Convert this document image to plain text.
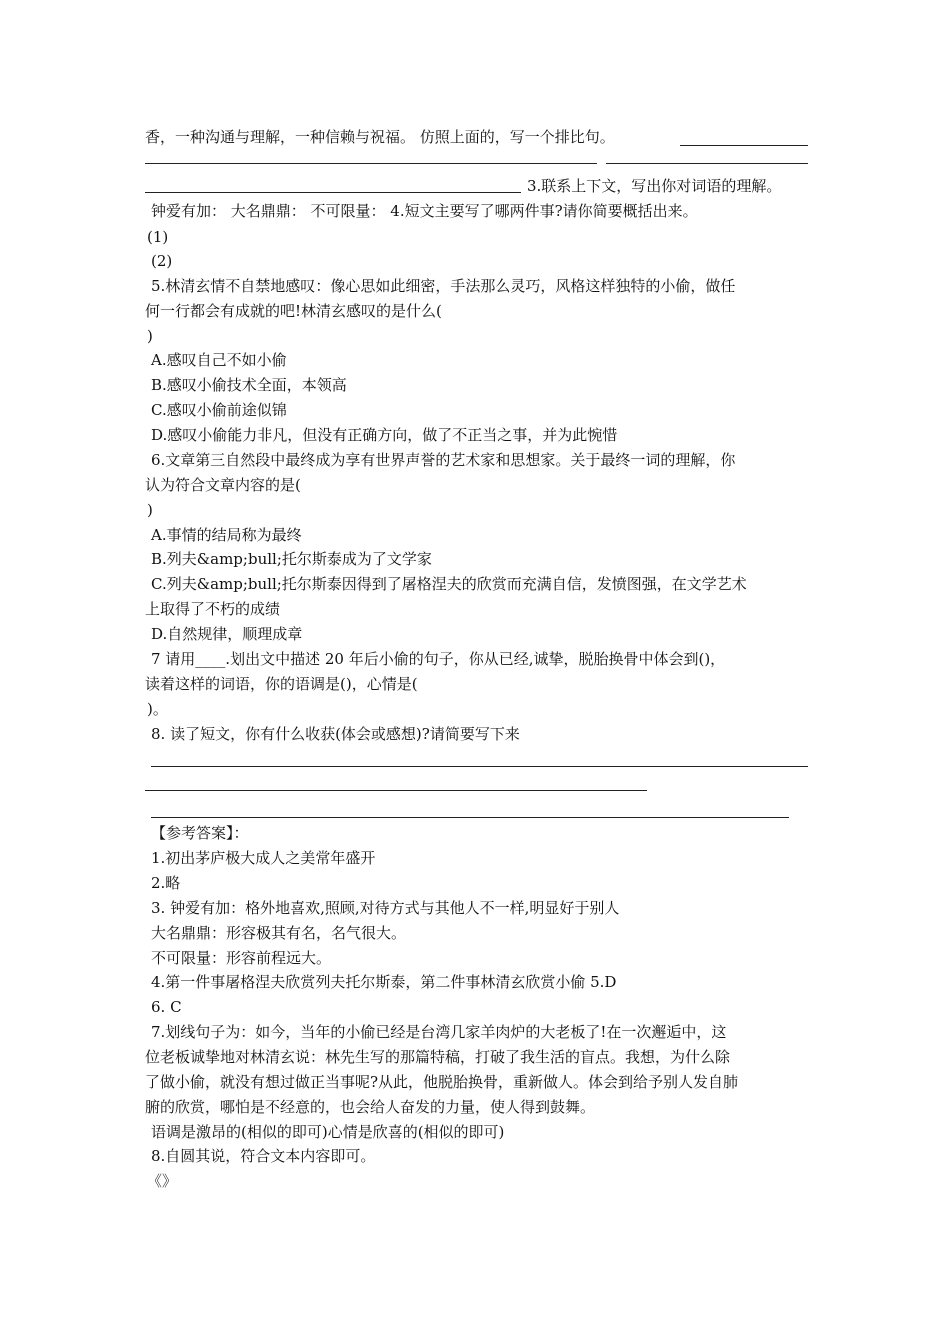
香，一种沟通与理解，一种信赖与祝福。 仿照上面的，写一个排比句。
3.联系上下文，写出你对词语的理解。
钟爱有加： 大名鼎鼎： 不可限量： 4.短文主要写了哪两件事?请你简要概括出来。
(1)
(2)
5.林清玄情不自禁地感叹：像心思如此细密，手法那么灵巧，风格这样独特的小偷，做任
何一行都会有成就的吧!林清玄感叹的是什么(
)
A.感叹自己不如小偷
B.感叹小偷技术全面，本领高
C.感叹小偷前途似锦
D.感叹小偷能力非凡，但没有正确方向，做了不正当之事，并为此惋惜
6.文章第三自然段中最终成为享有世界声誉的艺术家和思想家。关于最终一词的理解，你
认为符合文章内容的是(
)
A.事情的结局称为最终
B.列夫&amp;bull;托尔斯泰成为了文学家
C.列夫&amp;bull;托尔斯泰因得到了屠格涅夫的欣赏而充满自信，发愤图强，在文学艺术
上取得了不朽的成绩
D.自然规律，顺理成章
7 请用____.划出文中描述 20 年后小偷的句子，你从已经,诚挚，脱胎换骨中体会到()，
读着这样的词语，你的语调是()，心情是(
)。
8. 读了短文，你有什么收获(体会或感想)?请简要写下来
【参考答案】：
1.初出茅庐极大成人之美常年盛开
2.略
3. 钟爱有加：格外地喜欢,照顾,对待方式与其他人不一样,明显好于别人
大名鼎鼎：形容极其有名，名气很大。
不可限量：形容前程远大。
4.第一件事屠格涅夫欣赏列夫托尔斯泰，第二件事林清玄欣赏小偷 5.D
6. C
7.划线句子为：如今，当年的小偷已经是台湾几家羊肉炉的大老板了!在一次邂逅中，这
位老板诚挚地对林清玄说：林先生写的那篇特稿，打破了我生活的盲点。我想，为什么除
了做小偷，就没有想过做正当事呢?从此，他脱胎换骨，重新做人。体会到给予别人发自肺
腑的欣赏，哪怕是不经意的，也会给人奋发的力量，使人得到鼓舞。
语调是激昂的(相似的即可)心情是欣喜的(相似的即可)
8.自圆其说，符合文本内容即可。
《》
